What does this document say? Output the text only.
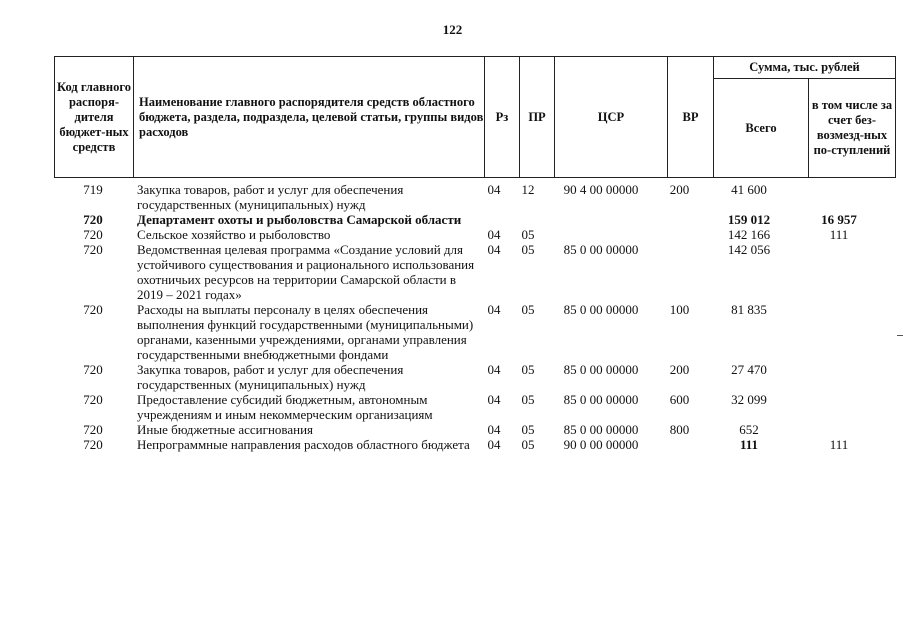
122
Код главного распоря-дителя бюджет-ных средств	Наименование главного распорядителя средств областного бюджета, раздела, подраздела, целевой статьи, группы видов расходов	Рз	ПР	ЦСР	ВР	Сумма, тыс. рублей	
						Всего	в том числе за счет без-возмезд-ных по-ступлений
719	Закупка товаров, работ и услуг для обеспечения государственных (муниципальных) нужд	04	12	90 4 00 00000	200	41 600	
720	Департамент охоты и рыболовства Самарской области					159 012	16 957
720	Сельское хозяйство и рыболовство	04	05			142 166	111
720	Ведомственная целевая программа «Создание условий для устойчивого существования и рационального использования охотничьих ресурсов на территории Самарской области в 2019 – 2021 годах»	04	05	85 0 00 00000		142 056	
720	Расходы на выплаты персоналу в целях обеспечения выполнения функций государственными (муниципальными) органами, казенными учреждениями, органами управления государственными внебюджетными фондами	04	05	85 0 00 00000	100	81 835	
720	Закупка товаров, работ и услуг для обеспечения государственных (муниципальных) нужд	04	05	85 0 00 00000	200	27 470	
720	Предоставление субсидий бюджетным, автономным учреждениям и иным некоммерческим организациям	04	05	85 0 00 00000	600	32 099	
720	Иные бюджетные ассигнования	04	05	85 0 00 00000	800	652	
720	Непрограммные направления расходов областного бюджета	04	05	90 0 00 00000		111	111
